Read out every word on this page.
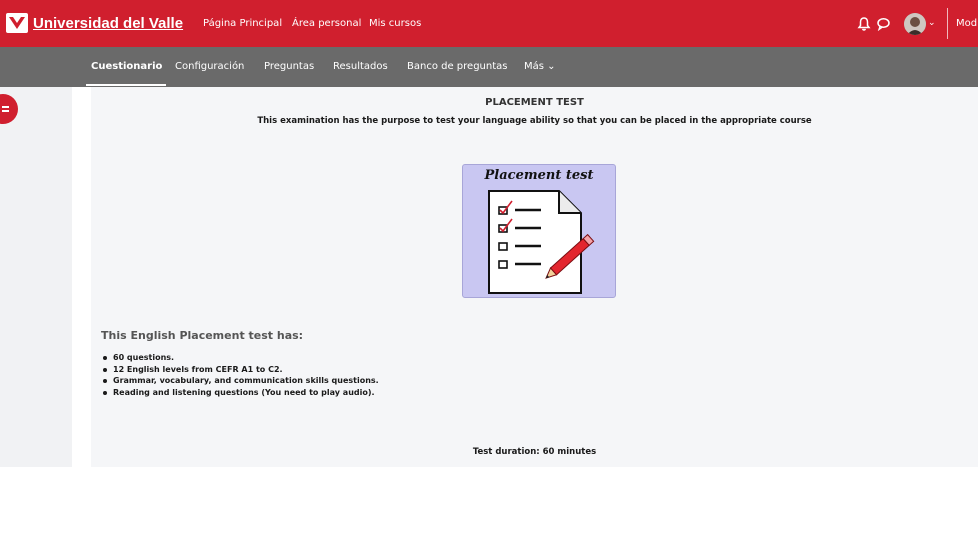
Universidad del Valle Página Principal Área personal Mis cursos	⌄ Mod
Cuestionario Configuración Preguntas Resultados Banco de preguntas Más ⌄
PLACEMENT TEST
This examination has the purpose to test your language ability so that you can be placed in the appropriate course
Placement test
This English Placement test has:
60 questions.
12 English levels from CEFR A1 to C2.
Grammar, vocabulary, and communication skills questions.
Reading and listening questions (You need to play audio).
Test duration: 60 minutes
